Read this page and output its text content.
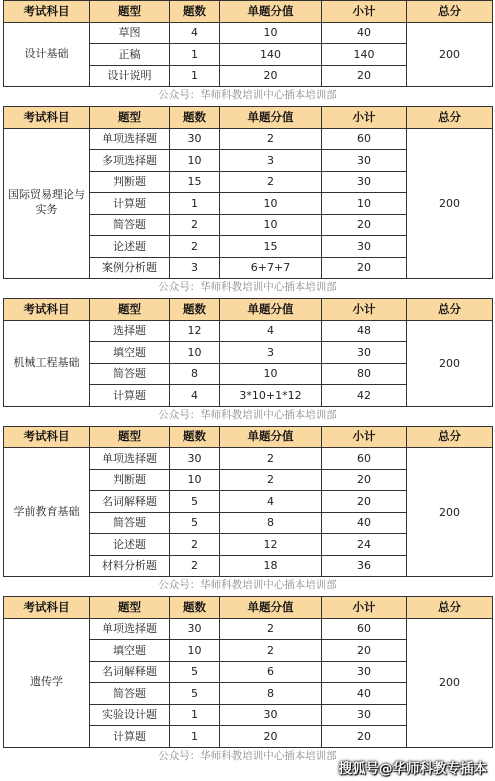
考试科目	题型	题数	单题分值	小计	总分
设计基础	草图	4	10	40	200
	正稿	1	140	140	
	设计说明	1	20	20	
公众号：华师科教培训中心插本培训部
考试科目	题型	题数	单题分值	小计	总分
国际贸易理论与实务	单项选择题	30	2	60	200
	多项选择题	10	3	30	
	判断题	15	2	30	
	计算题	1	10	10	
	简答题	2	10	20	
	论述题	2	15	30	
	案例分析题	3	6+7+7	20	
公众号：华师科教培训中心插本培训部
考试科目	题型	题数	单题分值	小计	总分
机械工程基础	选择题	12	4	48	200
	填空题	10	3	30	
	简答题	8	10	80	
	计算题	4	3*10+1*12	42	
公众号：华师科教培训中心插本培训部
考试科目	题型	题数	单题分值	小计	总分
学前教育基础	单项选择题	30	2	60	200
	判断题	10	2	20	
	名词解释题	5	4	20	
	简答题	5	8	40	
	论述题	2	12	24	
	材料分析题	2	18	36	
公众号：华师科教培训中心插本培训部
考试科目	题型	题数	单题分值	小计	总分
遗传学	单项选择题	30	2	60	200
	填空题	10	2	20	
	名词解释题	5	6	30	
	简答题	5	8	40	
	实验设计题	1	30	30	
	计算题	1	20	20	
公众号：华师科教培训中心插本培训部
搜狐号@华师科教专插本
